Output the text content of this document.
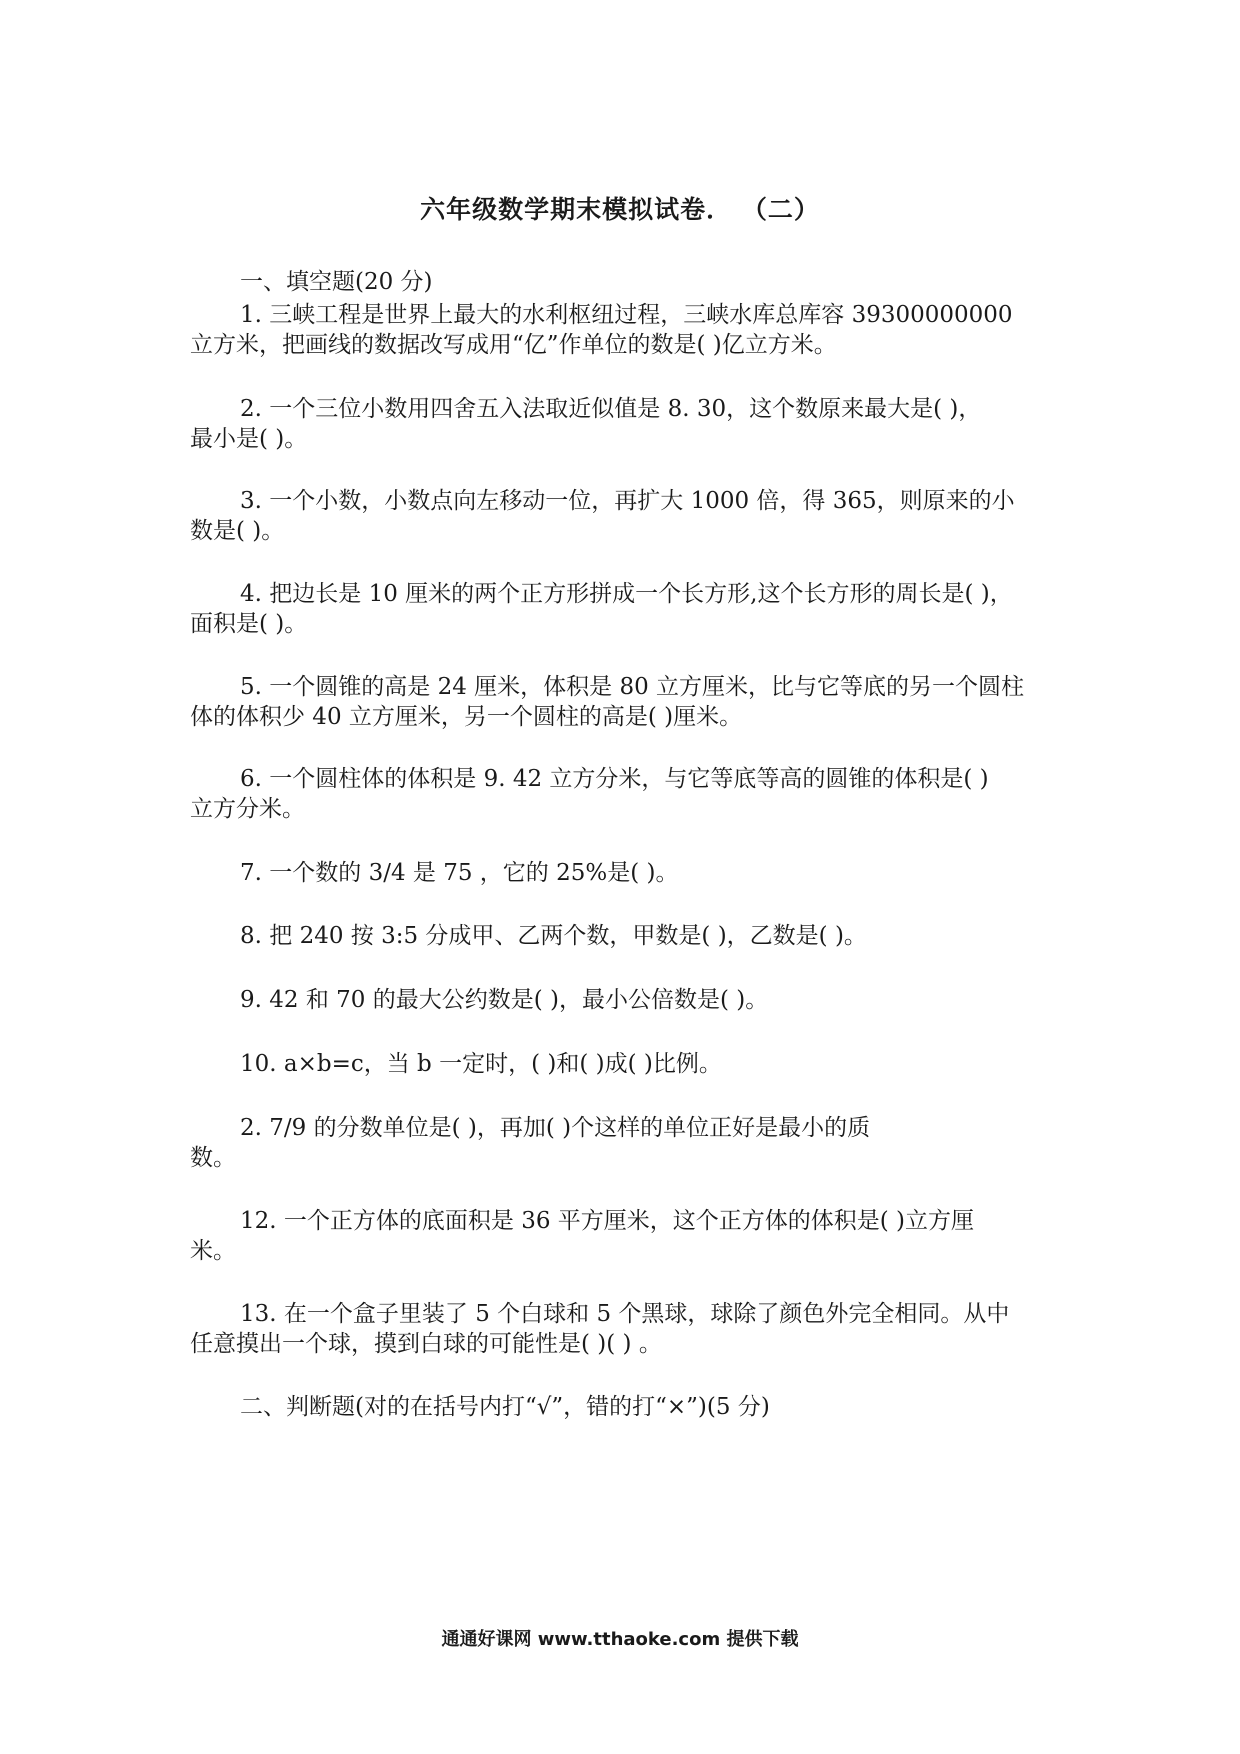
六年级数学期末模拟试卷． （二）
一、填空题(20 分)
1. 三峡工程是世界上最大的水利枢纽过程，三峡水库总库容 39300000000
立方米，把画线的数据改写成用“亿”作单位的数是( )亿立方米。
2. 一个三位小数用四舍五入法取近似值是 8. 30，这个数原来最大是( )，
最小是( )。
3. 一个小数，小数点向左移动一位，再扩大 1000 倍，得 365，则原来的小
数是( )。
4. 把边长是 10 厘米的两个正方形拼成一个长方形,这个长方形的周长是( )，
面积是( )。
5. 一个圆锥的高是 24 厘米，体积是 80 立方厘米，比与它等底的另一个圆柱
体的体积少 40 立方厘米，另一个圆柱的高是( )厘米。
6. 一个圆柱体的体积是 9. 42 立方分米，与它等底等高的圆锥的体积是( )
立方分米。
7. 一个数的 3/4 是 75 ，它的 25%是( )。
8. 把 240 按 3:5 分成甲、乙两个数，甲数是( )，乙数是( )。
9. 42 和 70 的最大公约数是( )，最小公倍数是( )。
10. a×b=c，当 b 一定时，( )和( )成( )比例。
2. 7/9 的分数单位是( )，再加( )个这样的单位正好是最小的质
数。
12. 一个正方体的底面积是 36 平方厘米，这个正方体的体积是( )立方厘
米。
13. 在一个盒子里装了 5 个白球和 5 个黑球，球除了颜色外完全相同。从中
任意摸出一个球，摸到白球的可能性是( )( ) 。
二、判断题(对的在括号内打“√”，错的打“×”)(5 分)
通通好课网 www.tthaoke.com 提供下载
